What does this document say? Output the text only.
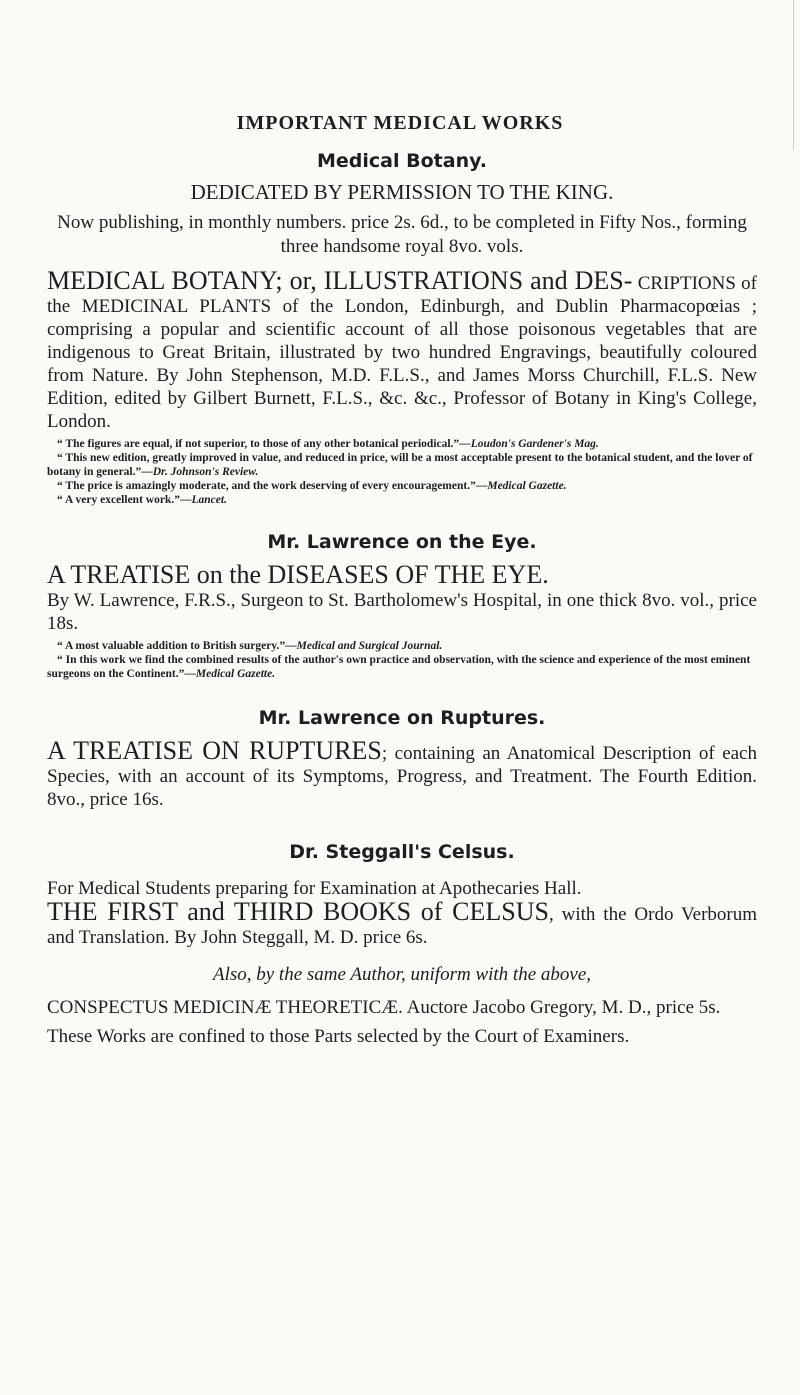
IMPORTANT MEDICAL WORKS

Medical Botany.

DEDICATED BY PERMISSION TO THE KING.

Now publishing, in monthly numbers. price 2s. 6d., to be completed in Fifty Nos., forming three handsome royal 8vo. vols.

MEDICAL BOTANY; or, ILLUSTRATIONS and DES- CRIPTIONS of the MEDICINAL PLANTS of the London, Edinburgh, and Dublin Pharmacopœias ; comprising a popular and scientific account of all those poisonous vegetables that are indigenous to Great Britain, illustrated by two hundred Engravings, beautifully coloured from Nature. By John Stephenson, M.D. F.L.S., and James Morss Churchill, F.L.S. New Edition, edited by Gilbert Burnett, F.L.S., &c. &c., Professor of Botany in King's College, London.

“ The figures are equal, if not superior, to those of any other botanical periodical.”—Loudon's Gardener's Mag.

“ This new edition, greatly improved in value, and reduced in price, will be a most acceptable present to the botanical student, and the lover of botany in general.”—Dr. Johnson's Review.

“ The price is amazingly moderate, and the work deserving of every encouragement.”—Medical Gazette.

“ A very excellent work.”—Lancet.

Mr. Lawrence on the Eye.

A TREATISE on the DISEASES OF THE EYE.
By W. Lawrence, F.R.S., Surgeon to St. Bartholomew's Hospital, in one thick 8vo. vol., price 18s.

“ A most valuable addition to British surgery.”—Medical and Surgical Journal.

“ In this work we find the combined results of the author's own practice and observation, with the science and experience of the most eminent surgeons on the Continent.”—Medical Gazette.

Mr. Lawrence on Ruptures.

A TREATISE ON RUPTURES; containing an Anatomical Description of each Species, with an account of its Symptoms, Progress, and Treatment. The Fourth Edition. 8vo., price 16s.

Dr. Steggall's Celsus.

For Medical Students preparing for Examination at Apothecaries Hall.

THE FIRST and THIRD BOOKS of CELSUS, with the Ordo Verborum and Translation. By John Steggall, M. D. price 6s.

Also, by the same Author, uniform with the above,

CONSPECTUS MEDICINÆ THEORETICÆ. Auctore Jacobo Gregory, M. D., price 5s.

These Works are confined to those Parts selected by the Court of Examiners.
